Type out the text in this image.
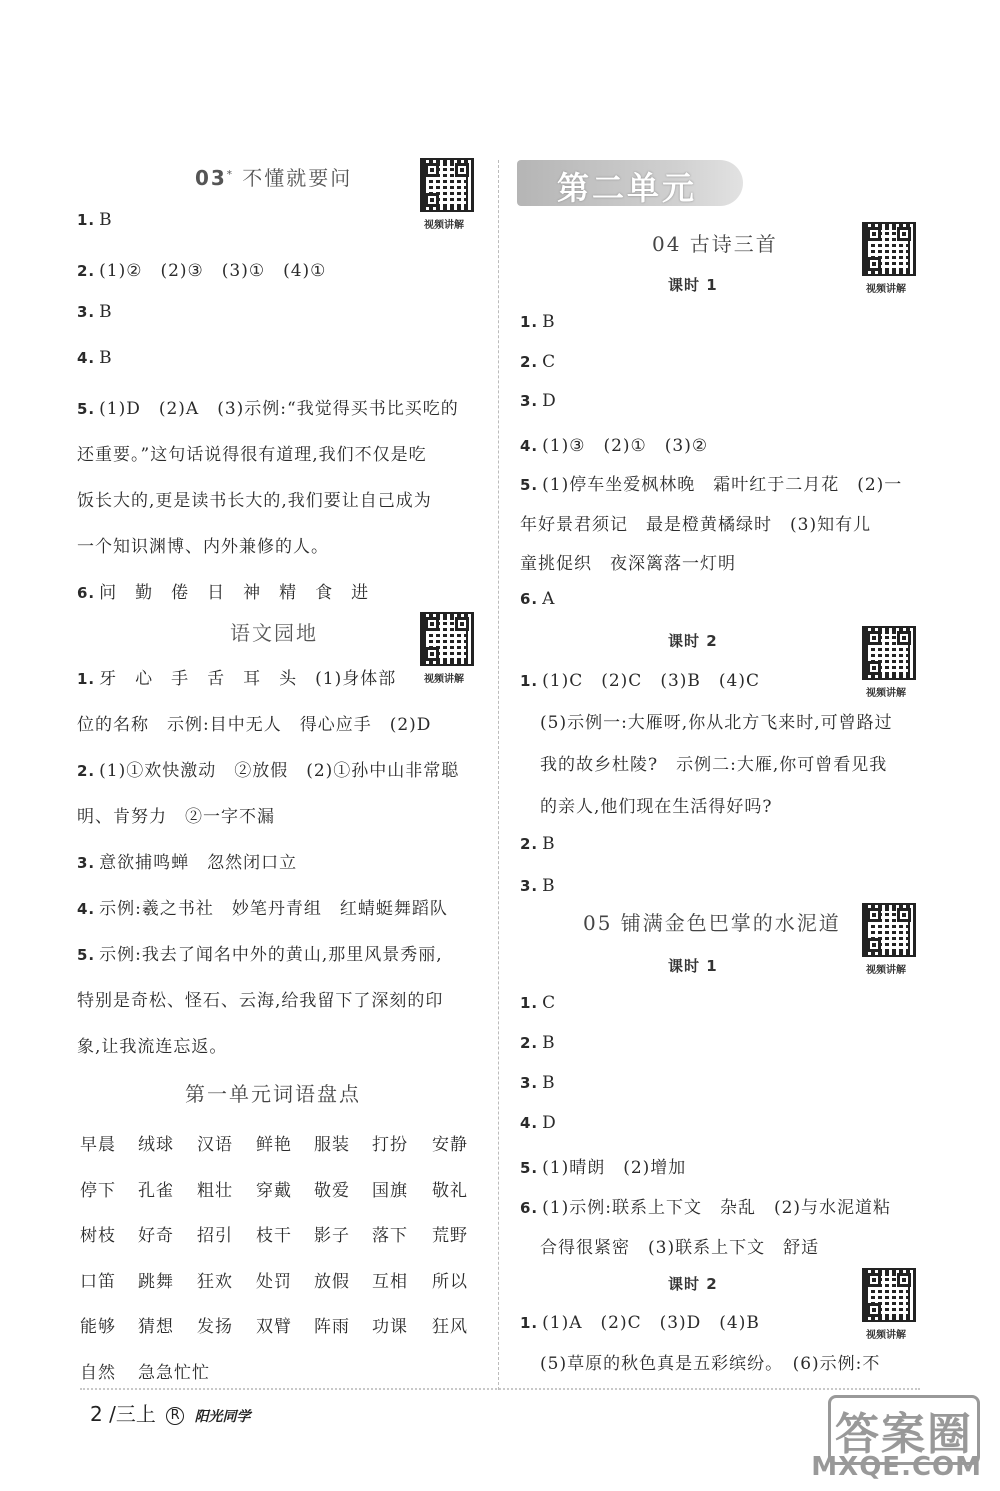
03* 不懂就要问
视频讲解
1. B
2. (1)②　(2)③　(3)①　(4)①
3. B
4. B
5. (1)D　(2)A　(3)示例:“我觉得买书比买吃的
还重要。”这句话说得很有道理,我们不仅是吃
饭长大的,更是读书长大的,我们要让自己成为
一个知识渊博、内外兼修的人。
6. 问　勤　倦　日　神　精　食　进
语文园地
视频讲解
1. 牙　心　手　舌　耳　头　(1)身体部
位的名称　示例:目中无人　得心应手　(2)D
2. (1)①欢快激动　②放假　(2)①孙中山非常聪
明、肯努力　②一字不漏
3. 意欲捕鸣蝉　忽然闭口立
4. 示例:羲之书社　妙笔丹青组　红蜻蜓舞蹈队
5. 示例:我去了闻名中外的黄山,那里风景秀丽,
特别是奇松、怪石、云海,给我留下了深刻的印
象,让我流连忘返。
第一单元词语盘点
早晨 绒球 汉语 鲜艳 服装 打扮 安静
停下 孔雀 粗壮 穿戴 敬爱 国旗 敬礼
树枝 好奇 招引 枝干 影子 落下 荒野
口笛 跳舞 狂欢 处罚 放假 互相 所以
能够 猜想 发扬 双臂 阵雨 功课 狂风
自然 急急忙忙
第二单元
04 古诗三首
视频讲解
课时 1
1. B
2. C
3. D
4. (1)③　(2)①　(3)②
5. (1)停车坐爱枫林晚　霜叶红于二月花　(2)一
年好景君须记　最是橙黄橘绿时　(3)知有儿
童挑促织　夜深篱落一灯明
6. A
课时 2
视频讲解
1. (1)C　(2)C　(3)B　(4)C
(5)示例一:大雁呀,你从北方飞来时,可曾路过
我的故乡杜陵?　示例二:大雁,你可曾看见我
的亲人,他们现在生活得好吗?
2. B
3. B
05 铺满金色巴掌的水泥道
视频讲解
课时 1
1. C
2. B
3. B
4. D
5. (1)晴朗　(2)增加
6. (1)示例:联系上下文　杂乱　(2)与水泥道粘
合得很紧密　(3)联系上下文　舒适
课时 2
视频讲解
1. (1)A　(2)C　(3)D　(4)B
(5)草原的秋色真是五彩缤纷。　(6)示例:不
2 /三上 R 阳光同学	答案圈
MXQE.COM
